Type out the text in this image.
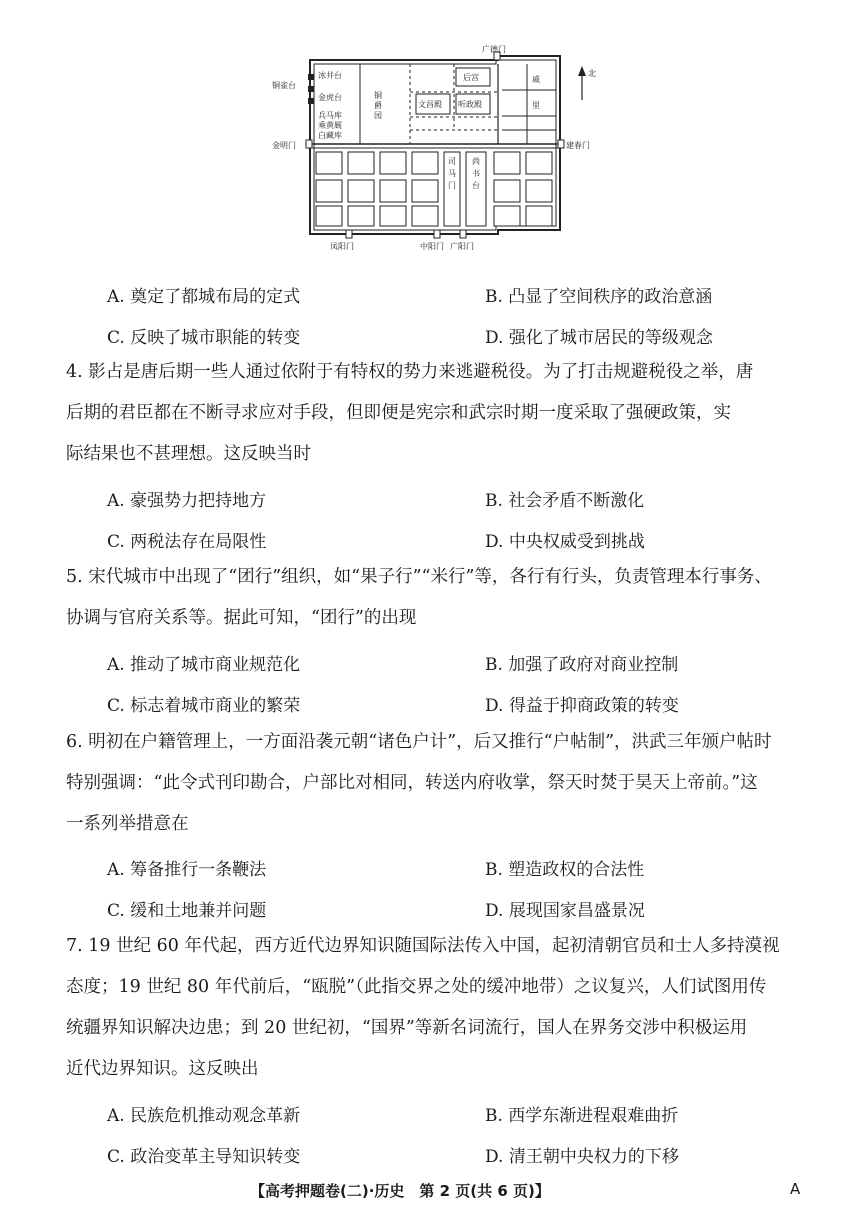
广德门
冰井台
铜雀台
金虎台
兵马库
乘黄厩
白藏库
铜
爵
园
后宫
文昌殿 听政殿
戚
里
金明门	建春门
凤阳门	中阳门 广阳门
北
司
马
门
尚
书
台
A. 奠定了都城布局的定式	B. 凸显了空间秩序的政治意涵
C. 反映了城市职能的转变	D. 强化了城市居民的等级观念
4. 影占是唐后期一些人通过依附于有特权的势力来逃避税役。为了打击规避税役之举，唐
后期的君臣都在不断寻求应对手段，但即便是宪宗和武宗时期一度采取了强硬政策，实
际结果也不甚理想。这反映当时
A. 豪强势力把持地方	B. 社会矛盾不断激化
C. 两税法存在局限性	D. 中央权威受到挑战
5. 宋代城市中出现了“团行”组织，如“果子行”“米行”等，各行有行头，负责管理本行事务、
协调与官府关系等。据此可知，“团行”的出现
A. 推动了城市商业规范化	B. 加强了政府对商业控制
C. 标志着城市商业的繁荣	D. 得益于抑商政策的转变
6. 明初在户籍管理上，一方面沿袭元朝“诸色户计”，后又推行“户帖制”，洪武三年颁户帖时
特别强调：“此令式刊印勘合，户部比对相同，转送内府收掌，祭天时焚于昊天上帝前。”这
一系列举措意在
A. 筹备推行一条鞭法	B. 塑造政权的合法性
C. 缓和土地兼并问题	D. 展现国家昌盛景况
7. 19 世纪 60 年代起，西方近代边界知识随国际法传入中国，起初清朝官员和士人多持漠视
态度；19 世纪 80 年代前后，“瓯脱”（此指交界之处的缓冲地带）之议复兴，人们试图用传
统疆界知识解决边患；到 20 世纪初，“国界”等新名词流行，国人在界务交涉中积极运用
近代边界知识。这反映出
A. 民族危机推动观念革新	B. 西学东渐进程艰难曲折
C. 政治变革主导知识转变	D. 清王朝中央权力的下移
【高考押题卷(二)·历史　第 2 页(共 6 页)】	A
